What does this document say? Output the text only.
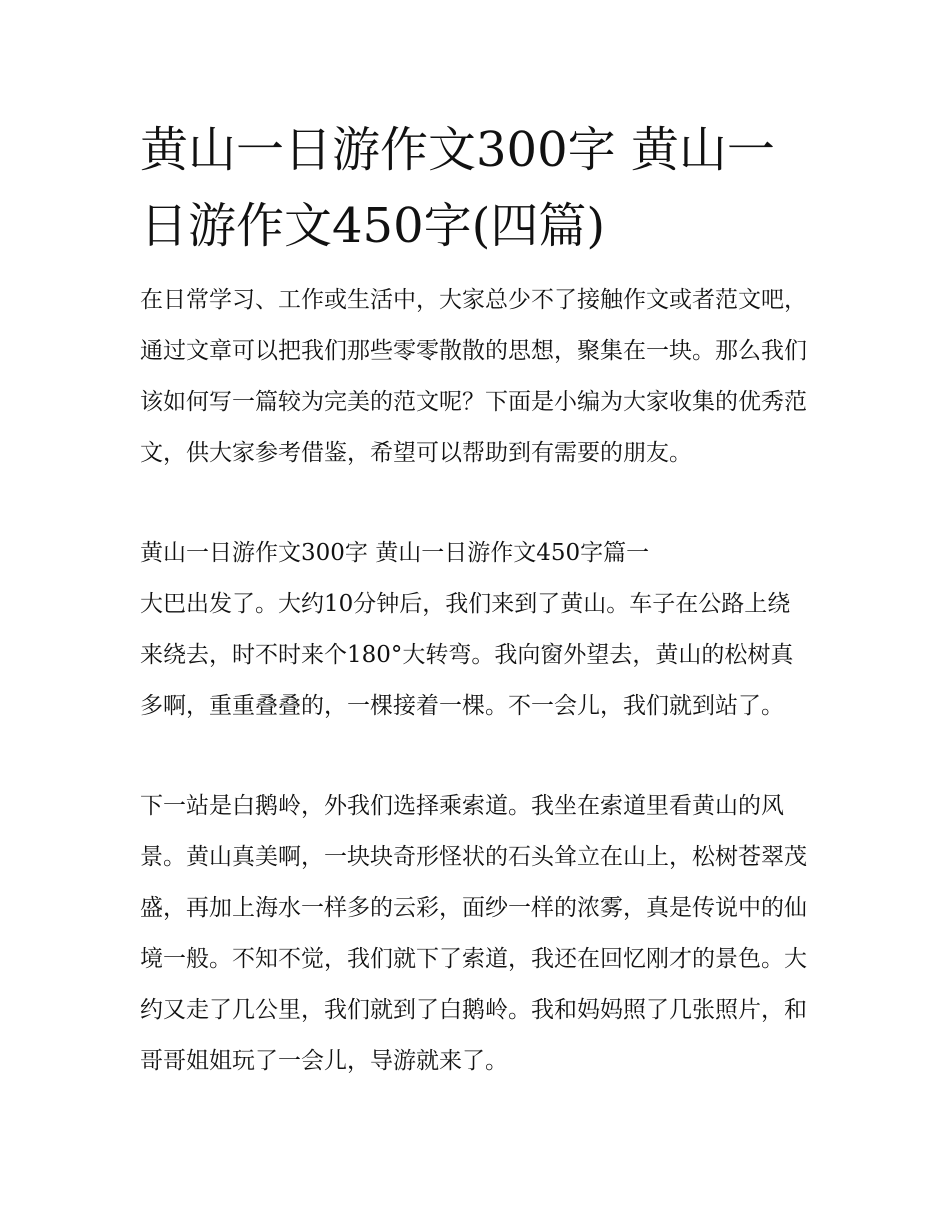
黄山一日游作文300字 黄山一日游作文450字(四篇)

在日常学习、工作或生活中，大家总少不了接触作文或者范文吧，通过文章可以把我们那些零零散散的思想，聚集在一块。那么我们该如何写一篇较为完美的范文呢？下面是小编为大家收集的优秀范文，供大家参考借鉴，希望可以帮助到有需要的朋友。

黄山一日游作文300字 黄山一日游作文450字篇一

大巴出发了。大约10分钟后，我们来到了黄山。车子在公路上绕来绕去，时不时来个180°大转弯。我向窗外望去，黄山的松树真多啊，重重叠叠的，一棵接着一棵。不一会儿，我们就到站了。

下一站是白鹅岭，外我们选择乘索道。我坐在索道里看黄山的风景。黄山真美啊，一块块奇形怪状的石头耸立在山上，松树苍翠茂盛，再加上海水一样多的云彩，面纱一样的浓雾，真是传说中的仙境一般。不知不觉，我们就下了索道，我还在回忆刚才的景色。大约又走了几公里，我们就到了白鹅岭。我和妈妈照了几张照片，和哥哥姐姐玩了一会儿，导游就来了。
